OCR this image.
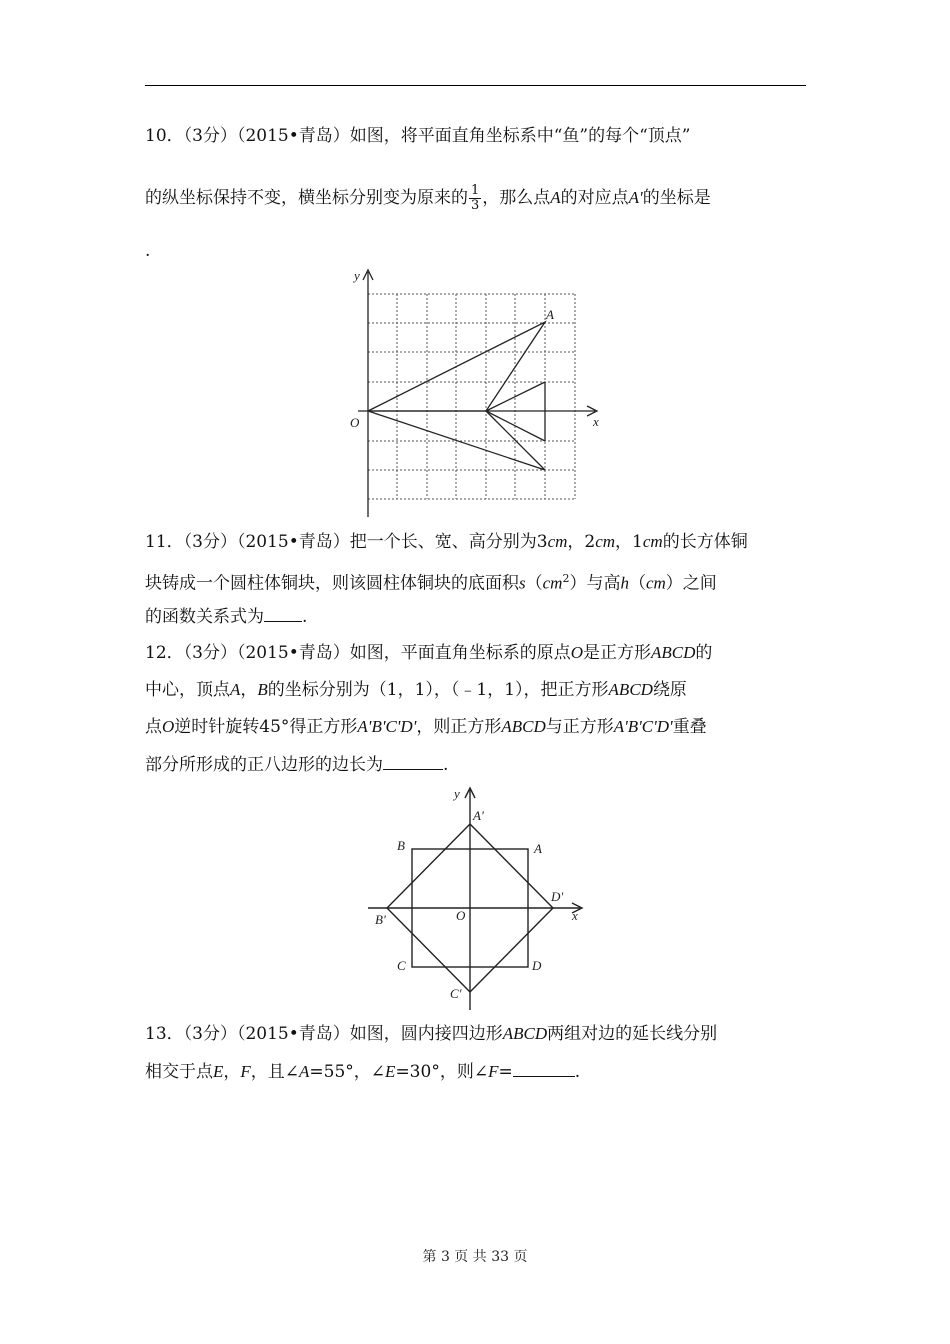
10．（3分）（2015•青岛）如图，将平面直角坐标系中“鱼”的每个“顶点”
的纵坐标保持不变，横坐标分别变为原来的 $\frac{1}{3}$ ，那么点A的对应点A'的坐标是
.
y
x
O
A
11．（3分）（2015•青岛）把一个长、宽、高分别为3cm，2cm，1cm的长方体铜
块铸成一个圆柱体铜块，则该圆柱体铜块的底面积$s(cm^2)$与高h（cm）之间
的函数关系式为 .
12．（3分）（2015•青岛）如图，平面直角坐标系的原点O是正方形ABCD的
中心，顶点A，B的坐标分别为（1，1），（﹣1，1），把正方形ABCD绕原
点O逆时针旋转45°得正方形A'B'C'D'，则正方形ABCD与正方形A'B'C'D'重叠
部分所形成的正八边形的边长为	.
y
x
O
A'
B	A
D'
B'
C	D
C'
13．（3分）（2015•青岛）如图，圆内接四边形ABCD两组对边的延长线分别
相交于点E，F，且∠A=55°，∠E=30°，则∠F=	.
第 3 页 共 33 页
